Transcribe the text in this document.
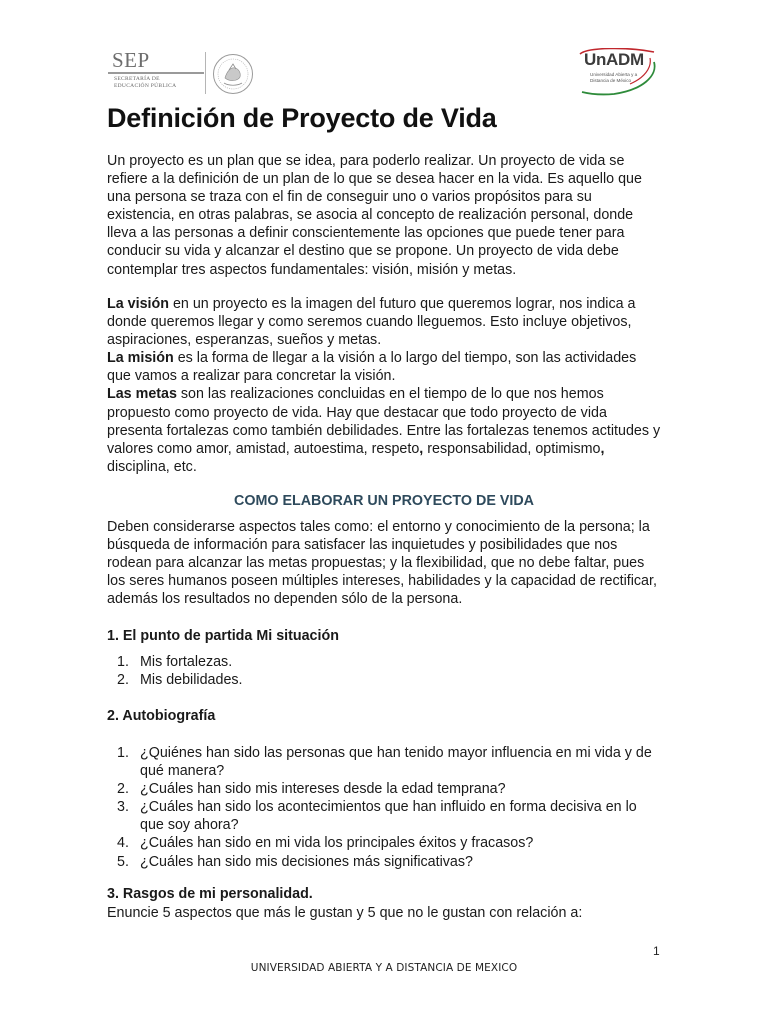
SEP
SECRETARÍA DE
EDUCACIÓN PÚBLICA
UnADM
Universidad Abierta y a
Distancia de México
Definición de Proyecto de Vida

Un proyecto es un plan que se idea, para poderlo realizar. Un proyecto de vida se refiere a la definición de un plan de lo que se desea hacer en la vida. Es aquello que una persona se traza con el fin de conseguir uno o varios propósitos para su existencia, en otras palabras, se asocia al concepto de realización personal, donde lleva a las personas a definir conscientemente las opciones que puede tener para conducir su vida y alcanzar el destino que se propone. Un proyecto de vida debe contemplar tres aspectos fundamentales: visión, misión y metas.

La visión en un proyecto es la imagen del futuro que queremos lograr, nos indica a donde queremos llegar y como seremos cuando lleguemos. Esto incluye objetivos, aspiraciones, esperanzas, sueños y metas.
La misión es la forma de llegar a la visión a lo largo del tiempo, son las actividades que vamos a realizar para concretar la visión.
Las metas son las realizaciones concluidas en el tiempo de lo que nos hemos propuesto como proyecto de vida. Hay que destacar que todo proyecto de vida presenta fortalezas como también debilidades. Entre las fortalezas tenemos actitudes y valores como amor, amistad, autoestima, respeto, responsabilidad, optimismo, disciplina, etc.

COMO ELABORAR UN PROYECTO DE VIDA

Deben considerarse aspectos tales como: el entorno y conocimiento de la persona; la búsqueda de información para satisfacer las inquietudes y posibilidades que nos rodean para alcanzar las metas propuestas; y la flexibilidad, que no debe faltar, pues los seres humanos poseen múltiples intereses, habilidades y la capacidad de rectificar, además los resultados no dependen sólo de la persona.

1. El punto de partida Mi situación
1. Mis fortalezas.
2. Mis debilidades.
2. Autobiografía
1. ¿Quiénes han sido las personas que han tenido mayor influencia en mi vida y de qué manera?
2. ¿Cuáles han sido mis intereses desde la edad temprana?
3. ¿Cuáles han sido los acontecimientos que han influido en forma decisiva en lo que soy ahora?
4. ¿Cuáles han sido en mi vida los principales éxitos y fracasos?
5. ¿Cuáles han sido mis decisiones más significativas?
3. Rasgos de mi personalidad.

Enuncie 5 aspectos que más le gustan y 5 que no le gustan con relación a:

1
UNIVERSIDAD ABIERTA Y A DISTANCIA DE MEXICO
